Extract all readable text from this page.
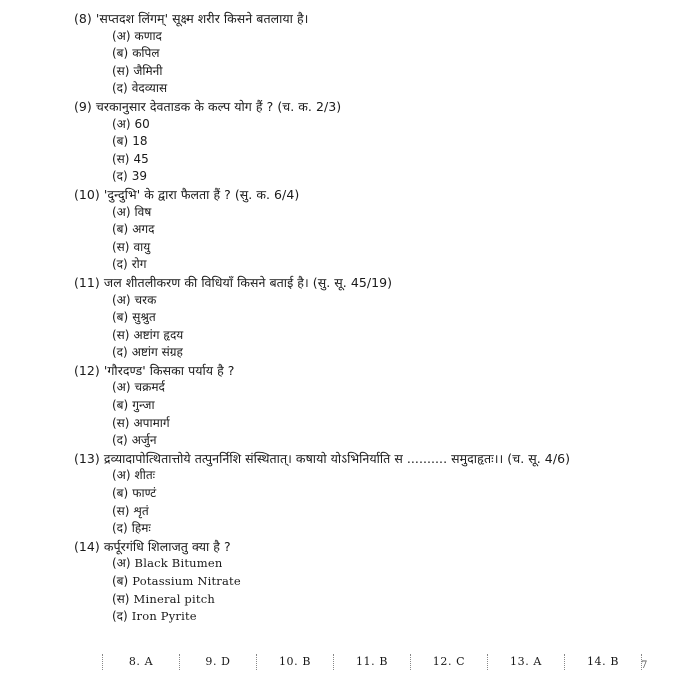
(8) 'सप्तदश लिंगम्' सूक्ष्म शरीर किसने बतलाया है।
(अ) कणाद
(ब) कपिल
(स) जैमिनी
(द) वेदव्यास
(9) चरकानुसार देवताडक के कल्प योग हैं ? (च. क. 2/3)
(अ) 60
(ब) 18
(स) 45
(द) 39
(10) 'दुन्दुभि' के द्वारा फैलता हैं ? (सु. क. 6/4)
(अ) विष
(ब) अगद
(स) वायु
(द) रोग
(11) जल शीतलीकरण की विधियाँ किसने बताई है। (सु. सू. 45/19)
(अ) चरक
(ब) सुश्रुत
(स) अष्टांग हृदय
(द) अष्टांग संग्रह
(12) 'गौरदण्ड' किसका पर्याय है ?
(अ) चक्रमर्द
(ब) गुन्जा
(स) अपामार्ग
(द) अर्जुन
(13) द्रव्यादापोत्थितात्तोये तत्पुनर्निशि संस्थितात्। कषायो योऽभिनिर्याति स .......... समुदाहृतः।। (च. सू. 4/6)
(अ) शीतः
(ब) फाण्टं
(स) शृतं
(द) हिमः
(14) कर्पूरगंधि शिलाजतु क्या है ?
(अ) Black Bitumen
(ब) Potassium Nitrate
(स) Mineral pitch
(द) Iron Pyrite
8. A	9. D	10. B	11. B	12. C	13. A	14. B	7
